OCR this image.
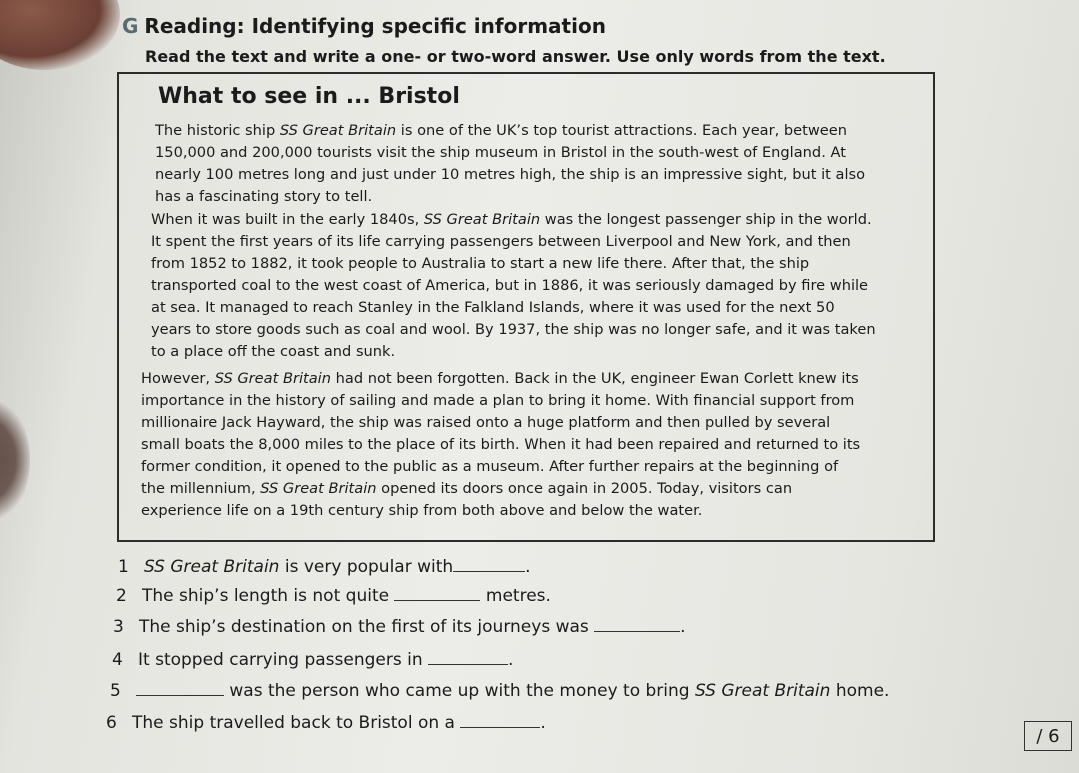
G Reading: Identifying specific information
Read the text and write a one- or two-word answer. Use only words from the text.
What to see in ... Bristol
The historic ship SS Great Britain is one of the UK’s top tourist attractions. Each year, between
150,000 and 200,000 tourists visit the ship museum in Bristol in the south-west of England. At
nearly 100 metres long and just under 10 metres high, the ship is an impressive sight, but it also
has a fascinating story to tell.
When it was built in the early 1840s, SS Great Britain was the longest passenger ship in the world.
It spent the first years of its life carrying passengers between Liverpool and New York, and then
from 1852 to 1882, it took people to Australia to start a new life there. After that, the ship
transported coal to the west coast of America, but in 1886, it was seriously damaged by fire while
at sea. It managed to reach Stanley in the Falkland Islands, where it was used for the next 50
years to store goods such as coal and wool. By 1937, the ship was no longer safe, and it was taken
to a place off the coast and sunk.
However, SS Great Britain had not been forgotten. Back in the UK, engineer Ewan Corlett knew its
importance in the history of sailing and made a plan to bring it home. With financial support from
millionaire Jack Hayward, the ship was raised onto a huge platform and then pulled by several
small boats the 8,000 miles to the place of its birth. When it had been repaired and returned to its
former condition, it opened to the public as a museum. After further repairs at the beginning of
the millennium, SS Great Britain opened its doors once again in 2005. Today, visitors can
experience life on a 19th century ship from both above and below the water.
1 SS Great Britain is very popular with	.
2 The ship’s length is not quite	metres.
3 The ship’s destination on the first of its journeys was	.
4 It stopped carrying passengers in	.
5	was the person who came up with the money to bring SS Great Britain home.
6 The ship travelled back to Bristol on a	.
/ 6
